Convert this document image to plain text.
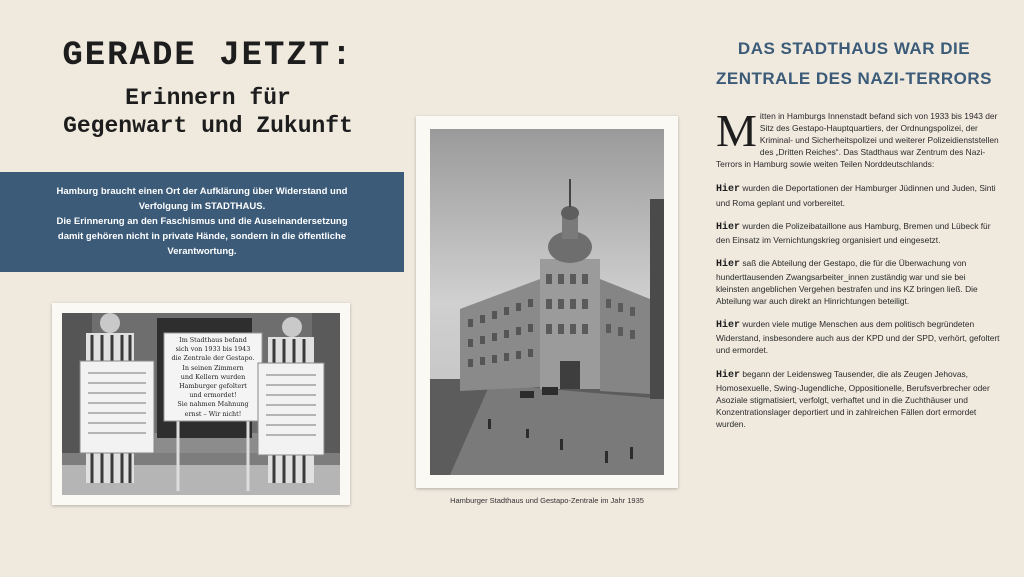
GERADE JETZT:
Erinnern für
Gegenwart und Zukunft

Hamburg braucht einen Ort der Aufklärung über Widerstand und Verfolgung im STADTHAUS.

Die Erinnerung an den Faschismus und die Auseinandersetzung damit gehören nicht in private Hände, sondern in die öffentliche Verantwortung.

Im Stadthaus befand
sich von 1933 bis 1943
die Zentrale der Gestapo.
In seinen Zimmern
und Kellern wurden
Hamburger gefoltert
und ermordet!
Sie nahmen Mahnung
ernst – Wir nicht!
Hamburger Stadthaus und Gestapo-Zentrale im Jahr 1935
DAS STADTHAUS WAR DIE
ZENTRALE DES NAZI-TERRORS

Mitten in Hamburgs Innenstadt befand sich von 1933 bis 1943 der Sitz des Gestapo-Hauptquartiers, der Ordnungspolizei, der Kriminal- und Sicherheitspolizei und weiterer Polizeidienststellen des „Dritten Reiches“. Das Stadthaus war Zentrum des Nazi-Terrors in Hamburg sowie weiten Teilen Norddeutschlands:

Hier wurden die Deportationen der Hamburger Jüdinnen und Juden, Sinti und Roma geplant und vorbereitet.

Hier wurden die Polizeibataillone aus Hamburg, Bremen und Lübeck für den Einsatz im Vernichtungskrieg organisiert und eingesetzt.

Hier saß die Abteilung der Gestapo, die für die Überwachung von hunderttausenden Zwangsarbeiter_innen zuständig war und sie bei kleinsten angeblichen Vergehen bestrafen und ins KZ bringen ließ. Die Abteilung war auch direkt an Hinrichtungen beteiligt.

Hier wurden viele mutige Menschen aus dem politisch begründeten Widerstand, insbesondere auch aus der KPD und der SPD, verhört, gefoltert und ermordet.

Hier begann der Leidensweg Tausender, die als Zeugen Jehovas, Homosexuelle, Swing-Jugendliche, Oppositionelle, Berufsverbrecher oder Asoziale stigmatisiert, verfolgt, verhaftet und in die Zuchthäuser und Konzentrationslager deportiert und in zahlreichen Fällen dort ermordet wurden.
